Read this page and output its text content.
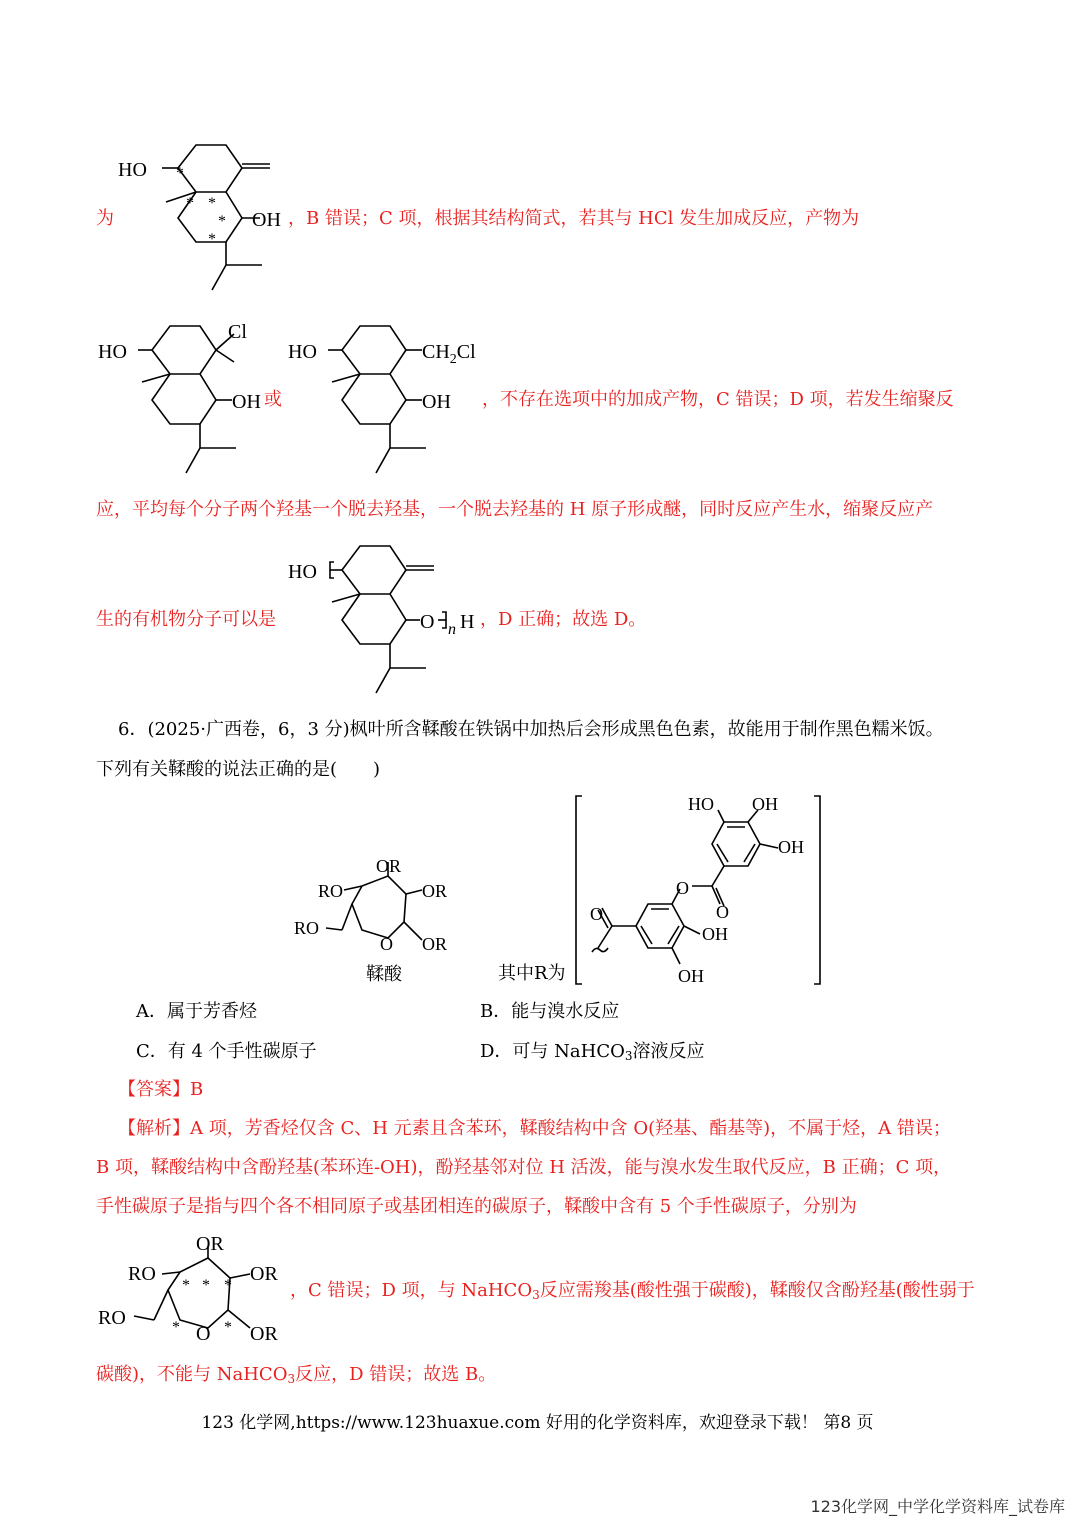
HO
OH
*
* *
*
*
为	，B 错误；C 项，根据其结构简式，若其与 HCl 发生加成反应，产物为
HO
Cl
OH 或
HO	$CH_2Cl$
OH ，不存在选项中的加成产物，C 错误；D 项，若发生缩聚反
应，平均每个分子两个羟基一个脱去羟基，一个脱去羟基的 H 原子形成醚，同时反应产生水，缩聚反应产
HO
O n H
生的有机物分子可以是	，D 正确；故选 D。
6．(2025·广西卷，6，3 分)枫叶所含鞣酸在铁锅中加热后会形成黑色色素，故能用于制作黑色糯米饭。
下列有关鞣酸的说法正确的是(　　)
OR
RO	OR
RO
O OR
鞣酸	其中R为
HO OH
OH
O
O
O
OH
OH
A．属于芳香烃	B．能与溴水反应
C．有 4 个手性碳原子	D．可与 NaHCO$_3$溶液反应
【答案】B
【解析】A 项，芳香烃仅含 C、H 元素且含苯环，鞣酸结构中含 O(羟基、酯基等)，不属于烃，A 错误；
B 项，鞣酸结构中含酚羟基(苯环连-OH)，酚羟基邻对位 H 活泼，能与溴水发生取代反应，B 正确；C 项，
手性碳原子是指与四个各不相同原子或基团相连的碳原子，鞣酸中含有 5 个手性碳原子，分别为
OR
RO	OR
RO
O OR
* * *
*	*
，C 错误；D 项，与 NaHCO$_3$反应需羧基(酸性强于碳酸)，鞣酸仅含酚羟基(酸性弱于
碳酸)，不能与 NaHCO$_3$反应，D 错误；故选 B。
123 化学网,https://www.123huaxue.com 好用的化学资料库，欢迎登录下载！ 第8 页
123化学网_中学化学资料库_试卷库
